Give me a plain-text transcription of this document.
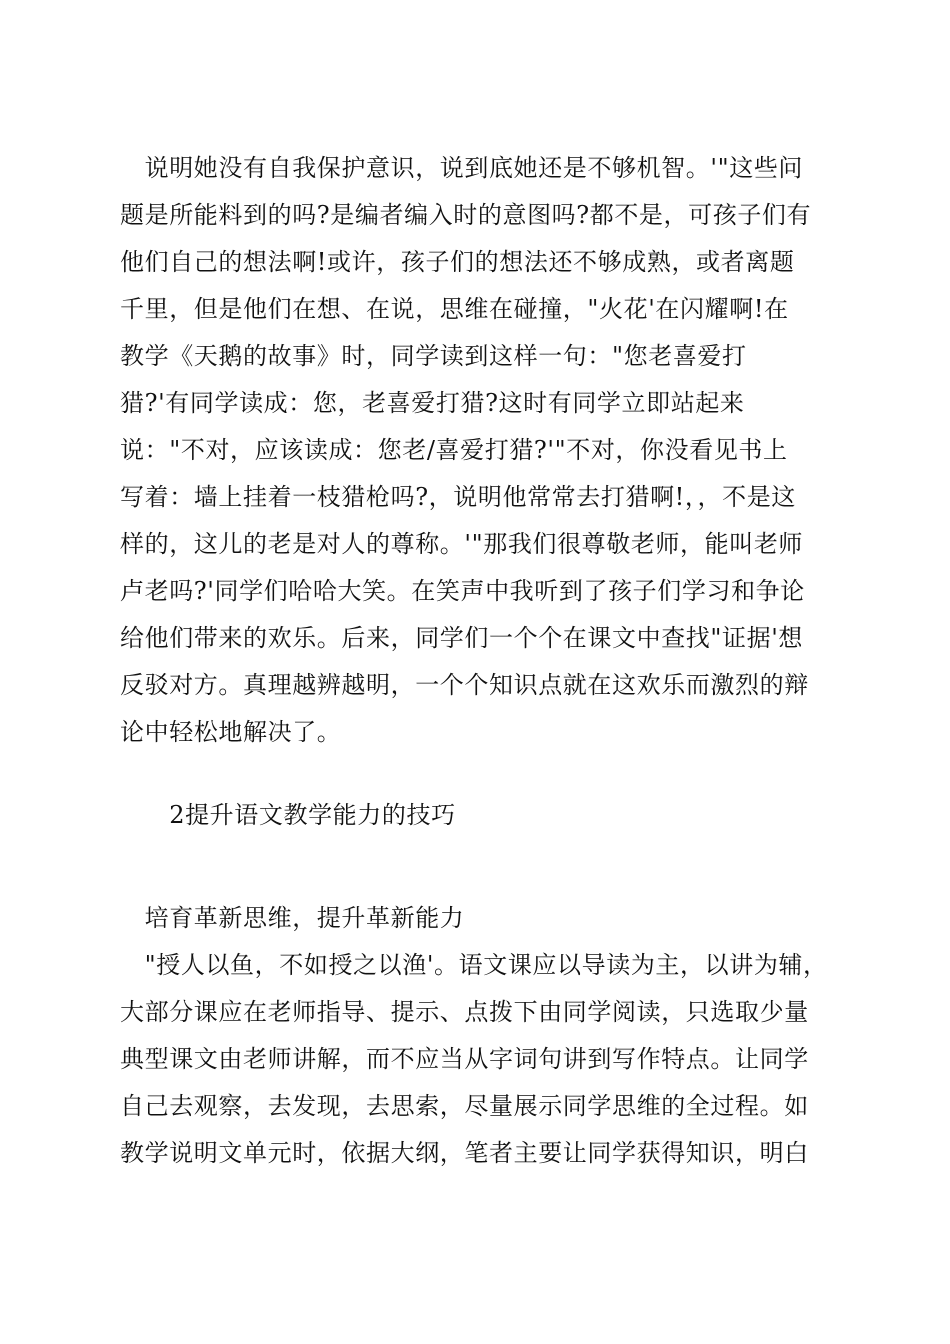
　说明她没有自我保护意识，说到底她还是不够机智。'"这些问

题是所能料到的吗?是编者编入时的意图吗?都不是，可孩子们有

他们自己的想法啊!或许，孩子们的想法还不够成熟，或者离题

千里，但是他们在想、在说，思维在碰撞，"火花'在闪耀啊!在

教学《天鹅的故事》时，同学读到这样一句："您老喜爱打

猎?'有同学读成：您，老喜爱打猎?这时有同学立即站起来

说："不对，应该读成：您老/喜爱打猎?'"不对，你没看见书上

写着：墙上挂着一枝猎枪吗?，说明他常常去打猎啊!，，不是这

样的，这儿的老是对人的尊称。'"那我们很尊敬老师，能叫老师

卢老吗?'同学们哈哈大笑。在笑声中我听到了孩子们学习和争论

给他们带来的欢乐。后来，同学们一个个在课文中查找"证据'想

反驳对方。真理越辨越明，一个个知识点就在这欢乐而激烈的辩

论中轻松地解决了。

　　2提升语文教学能力的技巧

　培育革新思维，提升革新能力

　"授人以鱼，不如授之以渔'。语文课应以导读为主，以讲为辅，

大部分课应在老师指导、提示、点拨下由同学阅读，只选取少量

典型课文由老师讲解，而不应当从字词句讲到写作特点。让同学

自己去观察，去发现，去思索，尽量展示同学思维的全过程。如

教学说明文单元时，依据大纲，笔者主要让同学获得知识，明白
